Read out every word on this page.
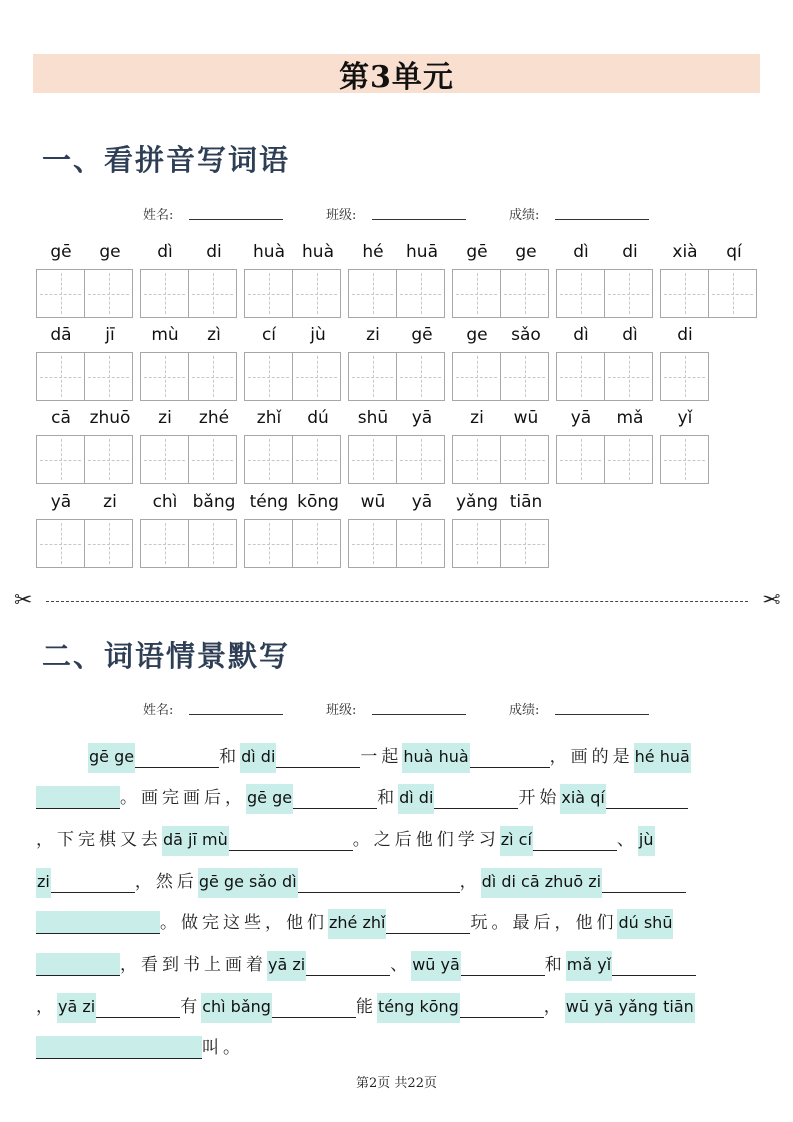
第3单元
一、看拼音写词语
姓名:	班级:	成绩:
gē	ge	dì	di	huà	huà	hé	huā	gē	ge	dì	di	xià	qí
dā	jī	mù	zì	cí	jù	zi	gē	ge	sǎo	dì	dì	di
cā	zhuō	zi	zhé	zhǐ	dú	shū	yā	zi	wū	yā	mǎ	yǐ
yā	zi	chì bǎng téng kōng	wū	yā	yǎng tiān
✂	✂
二、词语情景默写
姓名:	班级:	成绩:
gē ge	和 dì di	一起 huà huà	，画的是 hé huā
。画完画后， gē ge	和 dì di	开始 xià qí
，下完棋又去 dā jī mù	。之后他们学习 zì cí	、 jù
zi	，然后 gē ge sǎo dì	， dì di cā zhuō zi
。做完这些，他们 zhé zhǐ	玩。最后，他们 dú shū
，看到书上画着 yā zi	、 wū yā	和 mǎ yǐ
， yā zi	有 chì bǎng	能 téng kōng	， wū yā yǎng tiān
叫。
第2页 共22页
